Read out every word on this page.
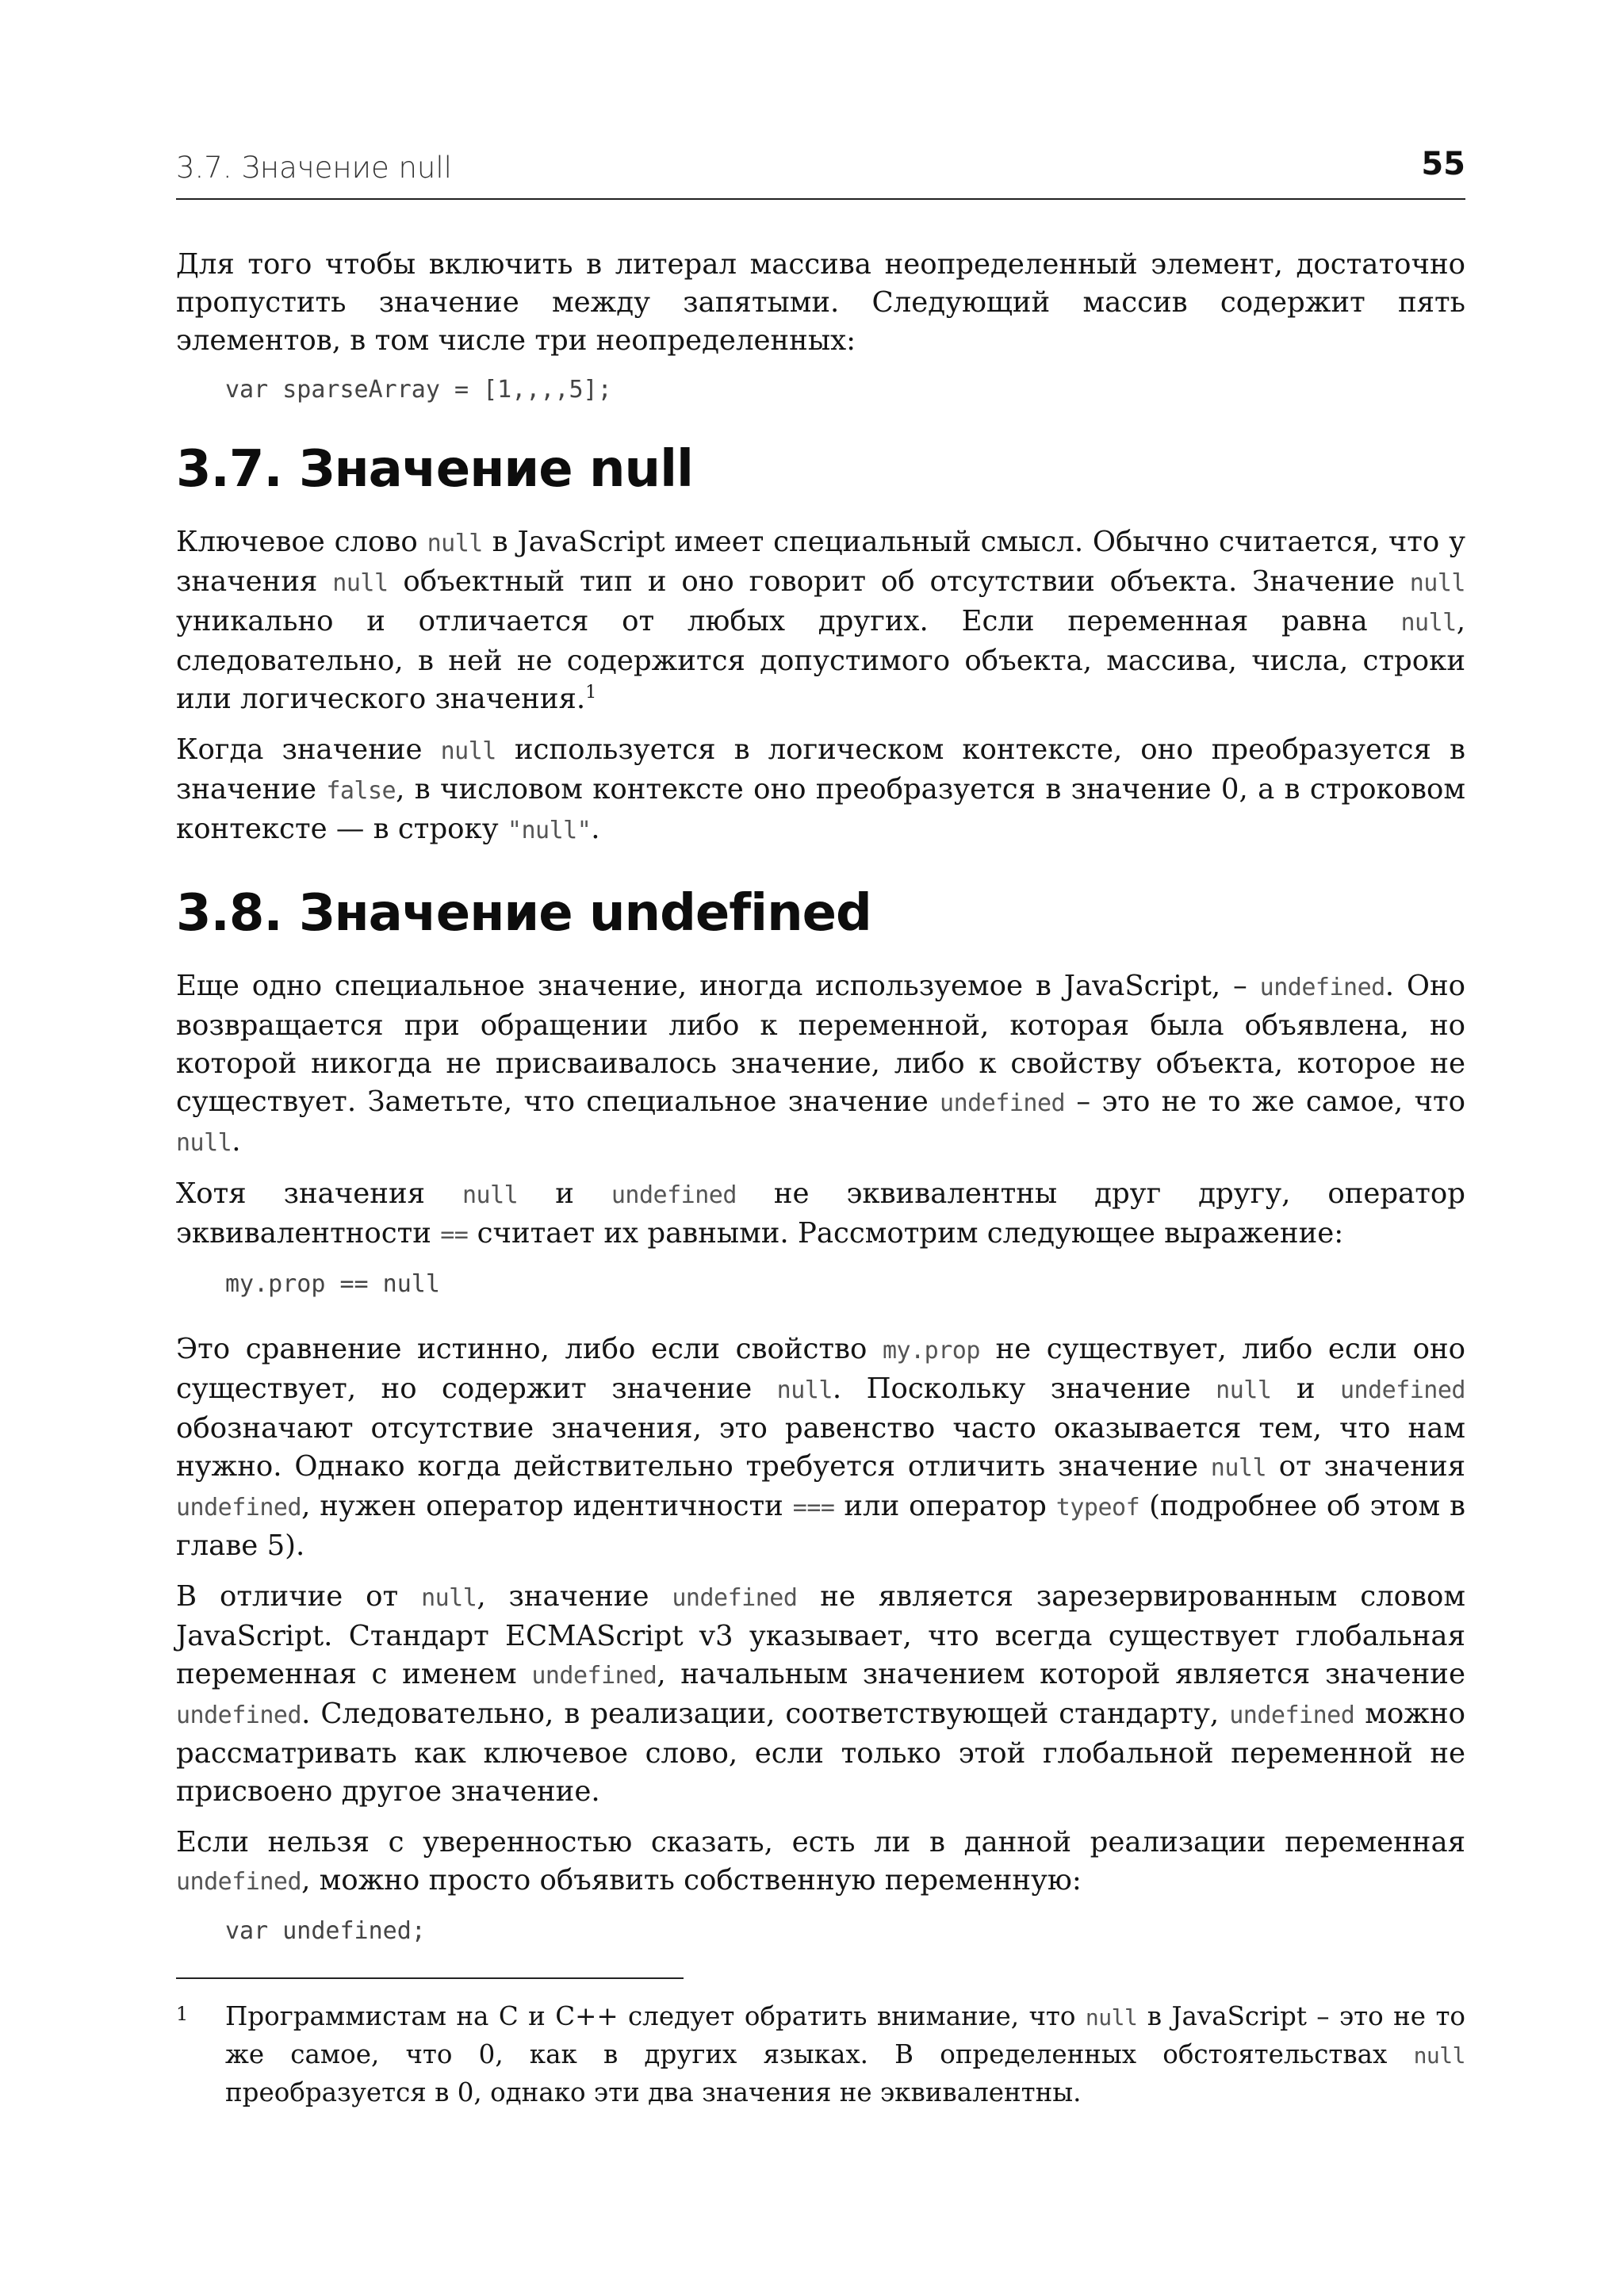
3.7. Значение null	55

Для того чтобы включить в литерал массива неопределенный элемент, достаточно пропустить значение между запятыми. Следующий массив содержит пять элементов, в том числе три неопределенных:

var sparseArray = [1,,,,5];
3.7. Значение null

Ключевое слово null в JavaScript имеет специальный смысл. Обычно считается, что у значения null объектный тип и оно говорит об отсутствии объекта. Значение null уникально и отличается от любых других. Если переменная равна null, следовательно, в ней не содержится допустимого объекта, массива, числа, строки или логического значения.$^1$

Когда значение null используется в логическом контексте, оно преобразуется в значение false, в числовом контексте оно преобразуется в значение 0, а в строковом контексте — в строку "null".

3.8. Значение undefined

Еще одно специальное значение, иногда используемое в JavaScript, – undefined. Оно возвращается при обращении либо к переменной, которая была объявлена, но которой никогда не присваивалось значение, либо к свойству объекта, которое не существует. Заметьте, что специальное значение undefined – это не то же самое, что null.

Хотя значения null и undefined не эквивалентны друг другу, оператор эквивалентности == считает их равными. Рассмотрим следующее выражение:

my.prop == null

Это сравнение истинно, либо если свойство my.prop не существует, либо если оно существует, но содержит значение null. Поскольку значение null и undefined обозначают отсутствие значения, это равенство часто оказывается тем, что нам нужно. Однако когда действительно требуется отличить значение null от значения undefined, нужен оператор идентичности === или оператор typeof (подробнее об этом в главе 5).

В отличие от null, значение undefined не является зарезервированным словом JavaScript. Стандарт ECMAScript v3 указывает, что всегда существует глобальная переменная с именем undefined, начальным значением которой является значение undefined. Следовательно, в реализации, соответствующей стандарту, undefined можно рассматривать как ключевое слово, если только этой глобальной переменной не присвоено другое значение.

Если нельзя с уверенностью сказать, есть ли в данной реализации переменная undefined, можно просто объявить собственную переменную:

var undefined;
1	Программистам на C и C++ следует обратить внимание, что null в JavaScript – это не то же самое, что 0, как в других языках. В определенных обстоятельствах null преобразуется в 0, однако эти два значения не эквивалентны.
